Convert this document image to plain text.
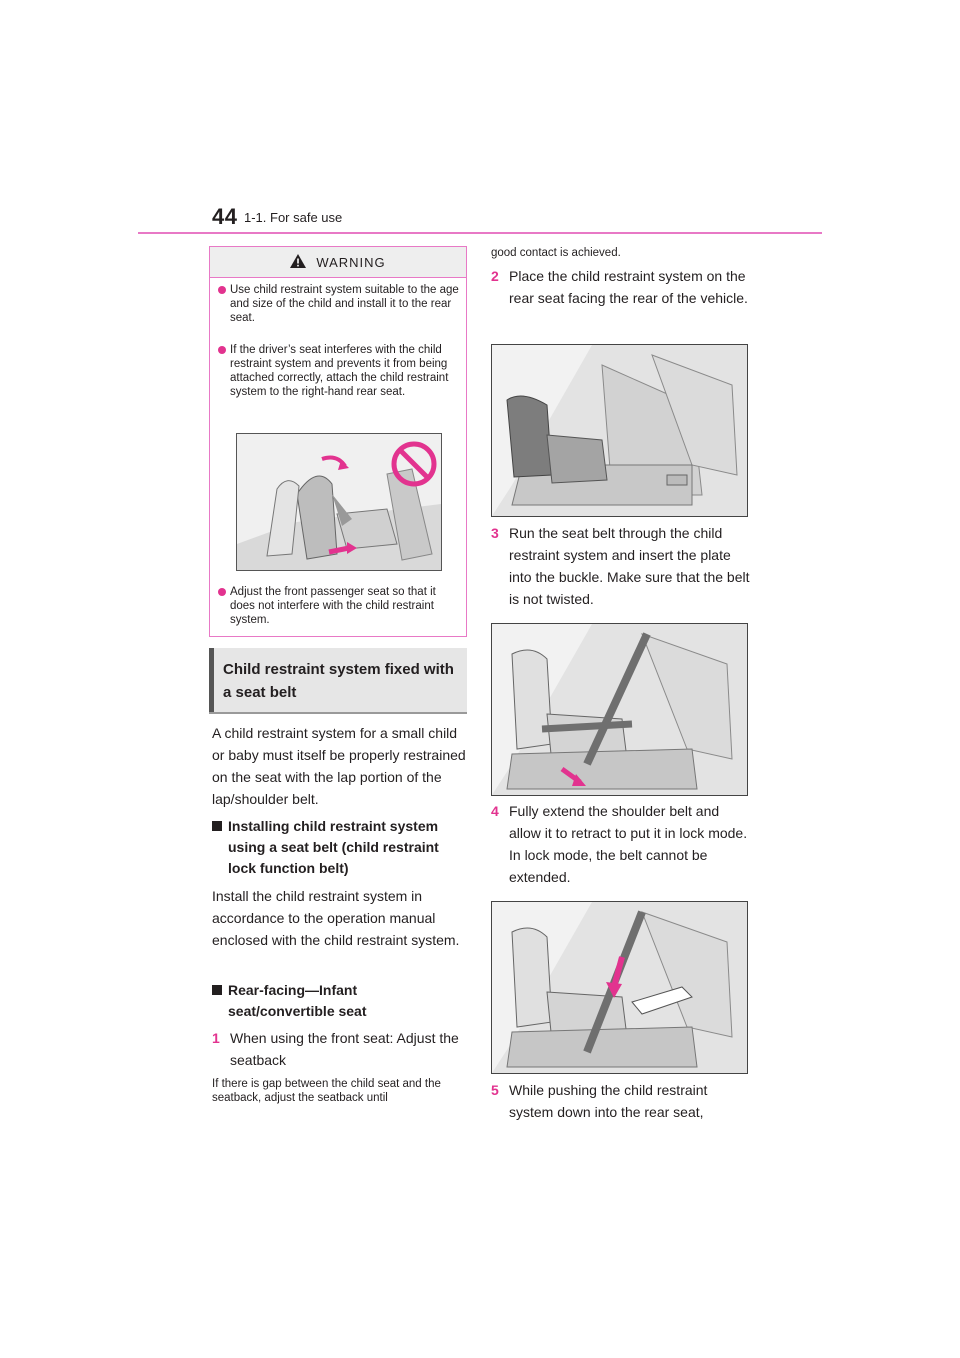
44 1-1. For safe use
WARNING
Use child restraint system suitable to the age and size of the child and install it to the rear seat.
If the driver’s seat interferes with the child restraint system and prevents it from being attached correctly, attach the child restraint system to the right-hand rear seat.
Adjust the front passenger seat so that it does not interfere with the child restraint system.
Child restraint system fixed with
a seat belt
A child restraint system for a small child or baby must itself be properly restrained on the seat with the lap portion of the lap/shoulder belt.
Installing child restraint system using a seat belt (child restraint lock function belt)
Install the child restraint system in accordance to the operation manual enclosed with the child restraint system.
Rear-facing—Infant seat/convertible seat
1 When using the front seat: Adjust the seatback
If there is gap between the child seat and the seatback, adjust the seatback until
good contact is achieved.
2 Place the child restraint system on the rear seat facing the rear of the vehicle.
3 Run the seat belt through the child restraint system and insert the plate into the buckle. Make sure that the belt is not twisted.
4 Fully extend the shoulder belt and allow it to retract to put it in lock mode. In lock mode, the belt cannot be extended.
5 While pushing the child restraint system down into the rear seat,
